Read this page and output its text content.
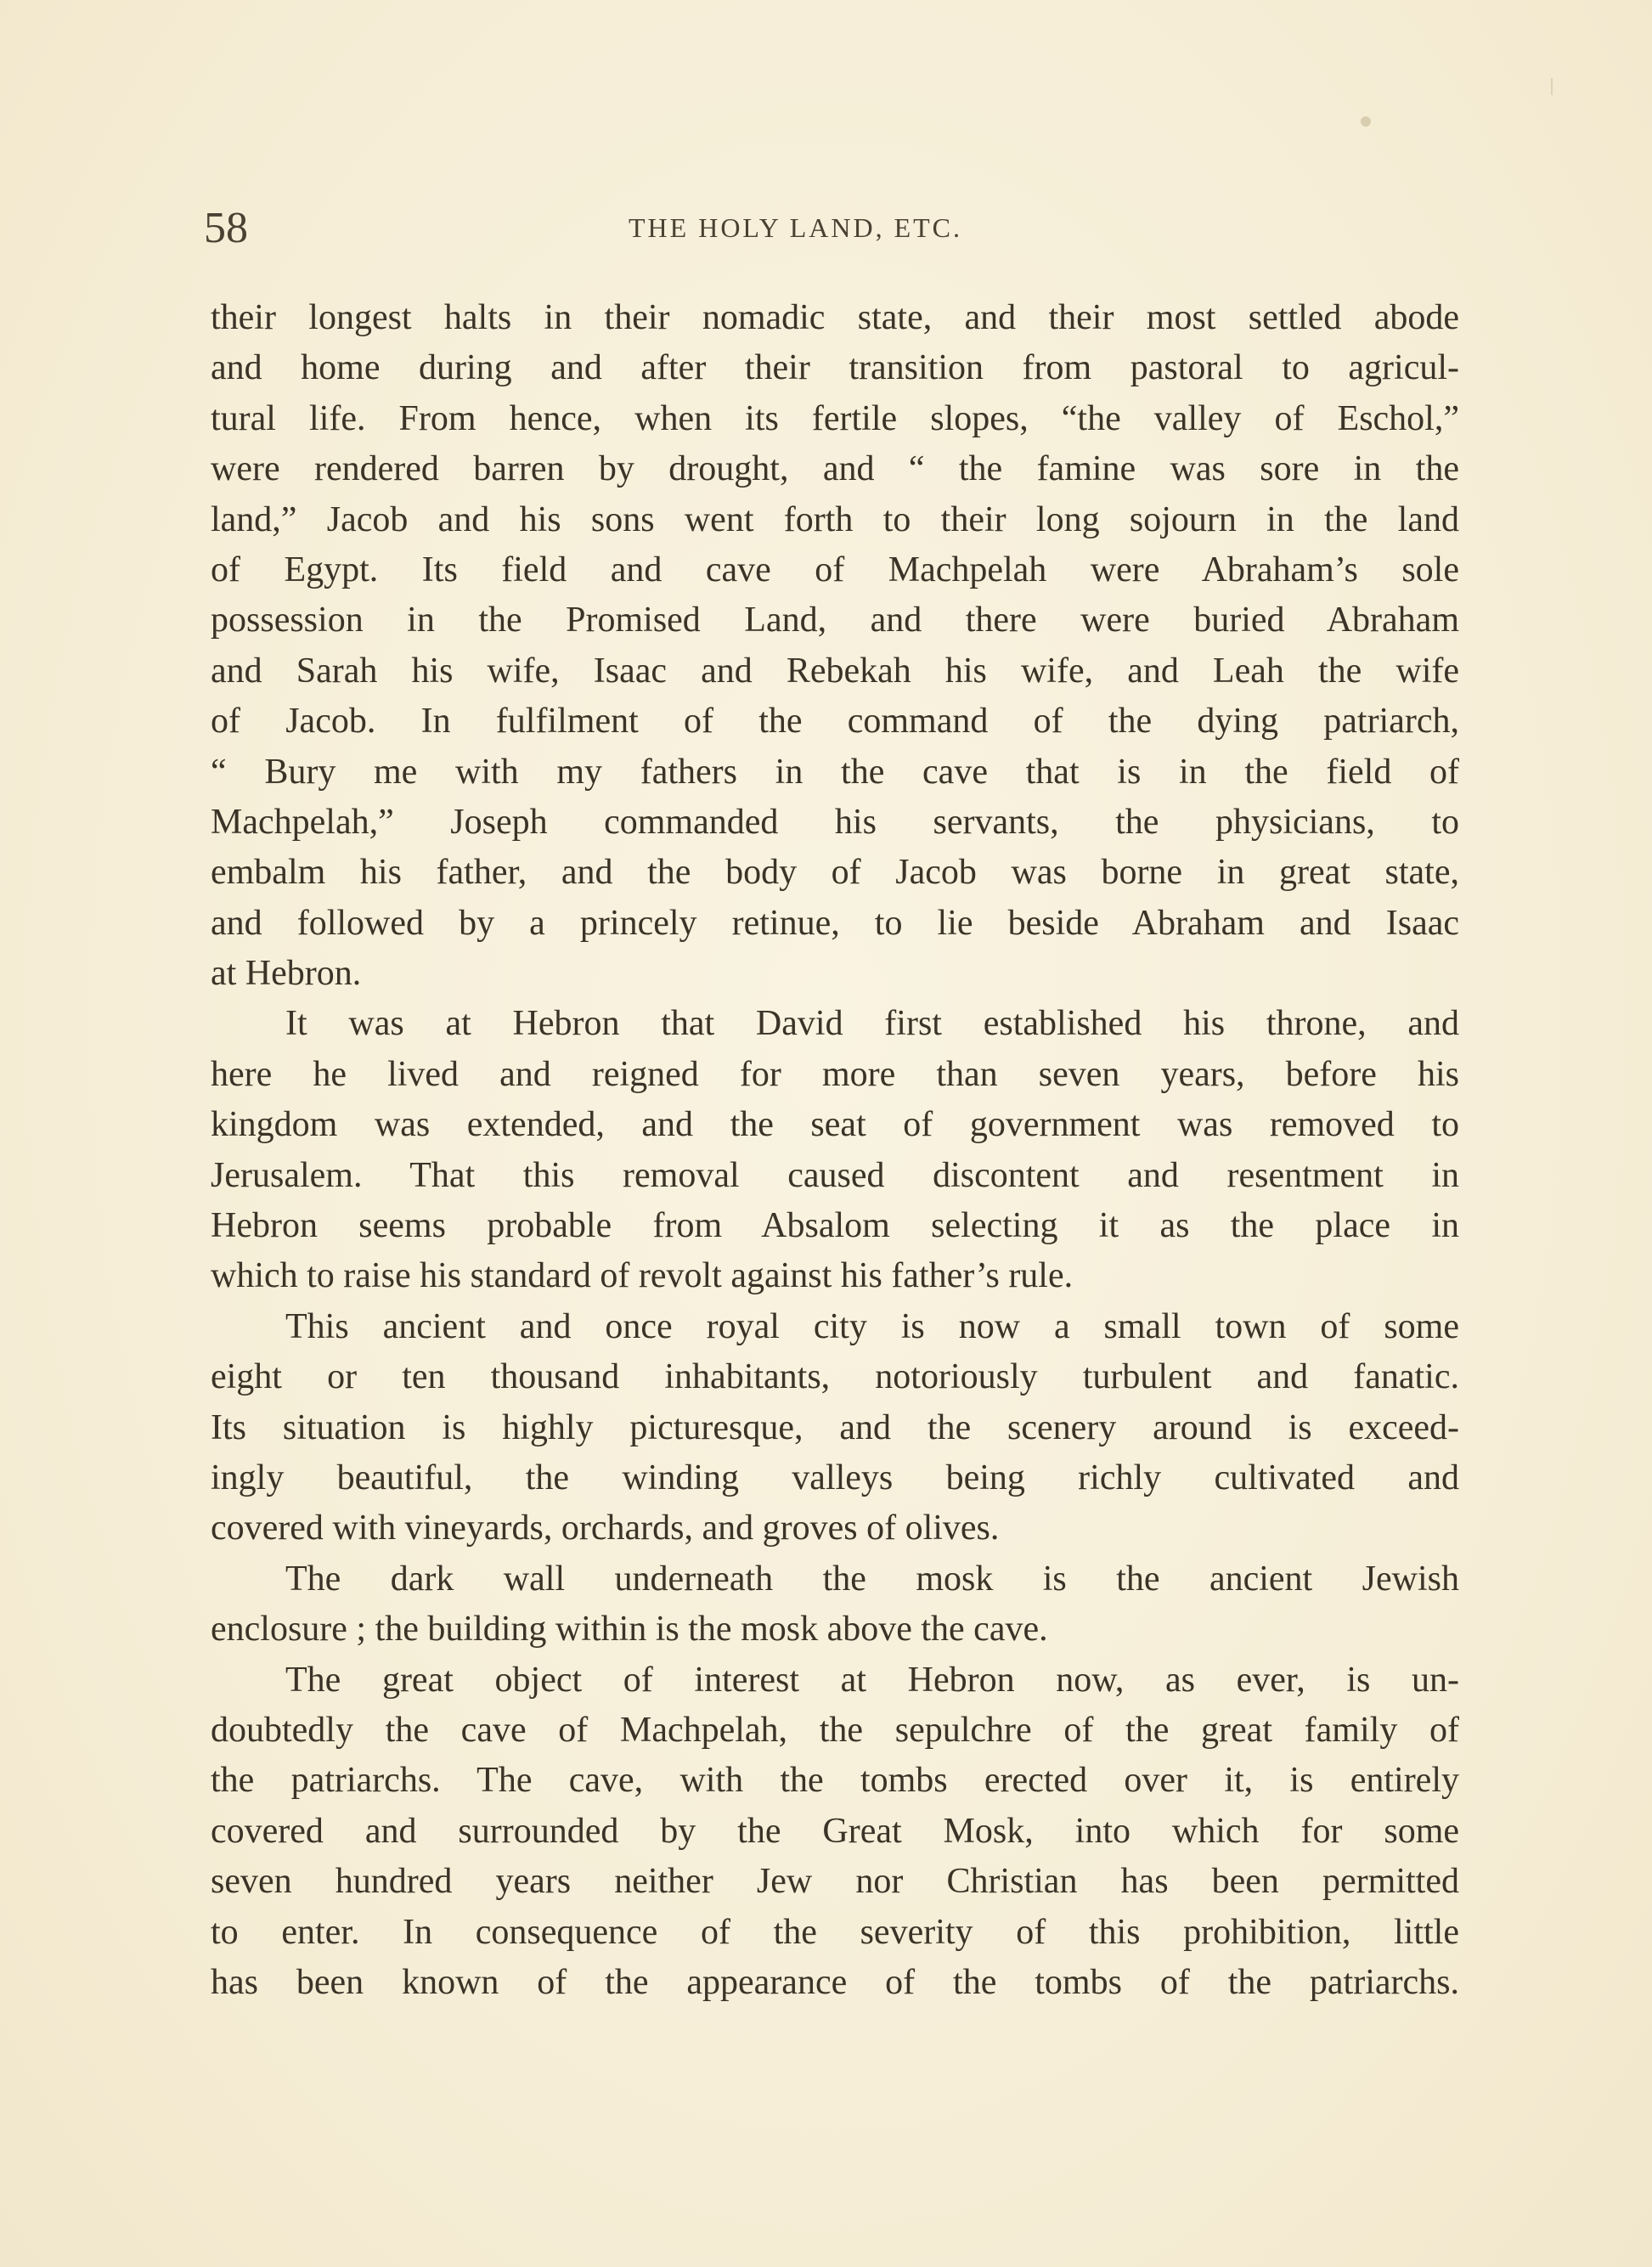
58	THE HOLY LAND, ETC.
their longest halts in their nomadic state, and their most settled abode
and home during and after their transition from pastoral to agricul-
tural life. From hence, when its fertile slopes, “the valley of Eschol,”
were rendered barren by drought, and “ the famine was sore in the
land,” Jacob and his sons went forth to their long sojourn in the land
of Egypt. Its field and cave of Machpelah were Abraham’s sole
possession in the Promised Land, and there were buried Abraham
and Sarah his wife, Isaac and Rebekah his wife, and Leah the wife
of Jacob. In fulfilment of the command of the dying patriarch,
“ Bury me with my fathers in the cave that is in the field of
Machpelah,” Joseph commanded his servants, the physicians, to
embalm his father, and the body of Jacob was borne in great state,
and followed by a princely retinue, to lie beside Abraham and Isaac
at Hebron.
It was at Hebron that David first established his throne, and
here he lived and reigned for more than seven years, before his
kingdom was extended, and the seat of government was removed to
Jerusalem. That this removal caused discontent and resentment in
Hebron seems probable from Absalom selecting it as the place in
which to raise his standard of revolt against his father’s rule.
This ancient and once royal city is now a small town of some
eight or ten thousand inhabitants, notoriously turbulent and fanatic.
Its situation is highly picturesque, and the scenery around is exceed-
ingly beautiful, the winding valleys being richly cultivated and
covered with vineyards, orchards, and groves of olives.
The dark wall underneath the mosk is the ancient Jewish
enclosure ; the building within is the mosk above the cave.
The great object of interest at Hebron now, as ever, is un-
doubtedly the cave of Machpelah, the sepulchre of the great family of
the patriarchs. The cave, with the tombs erected over it, is entirely
covered and surrounded by the Great Mosk, into which for some
seven hundred years neither Jew nor Christian has been permitted
to enter. In consequence of the severity of this prohibition, little
has been known of the appearance of the tombs of the patriarchs.
